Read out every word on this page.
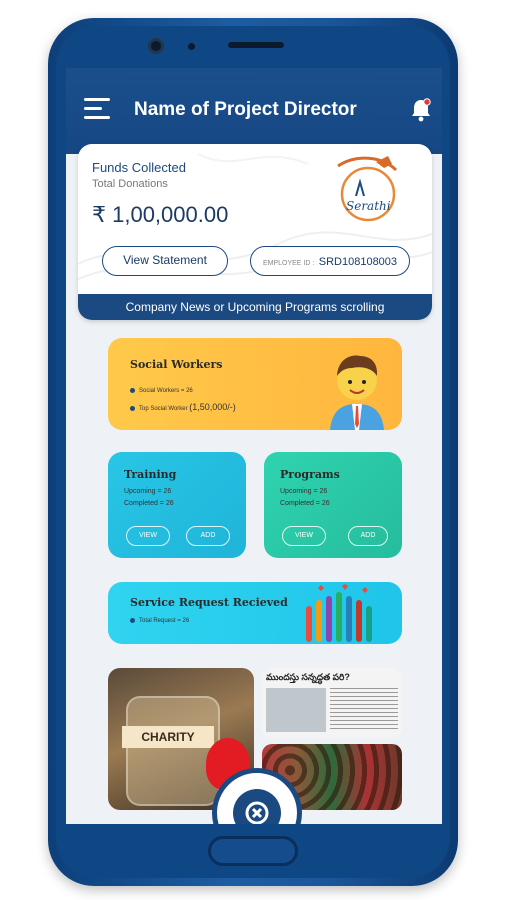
Name of Project Director
Funds Collected
Total Donations
₹ 1,00,000.00	Serathi
View Statement	EMPLOYEE ID : SRD108108003
Company News or Upcoming Programs scrolling
Social Workers
Social Workers = 26
Top Social Worker (1,50,000/-)
Training
Upcoming = 26
Completed = 26
VIEW	ADD
Programs
Upcoming = 26
Completed = 26
VIEW	ADD
Service Request Recieved
Total Request = 26
CHARITY
ముందస్తు సన్నద్ధత పరి?
